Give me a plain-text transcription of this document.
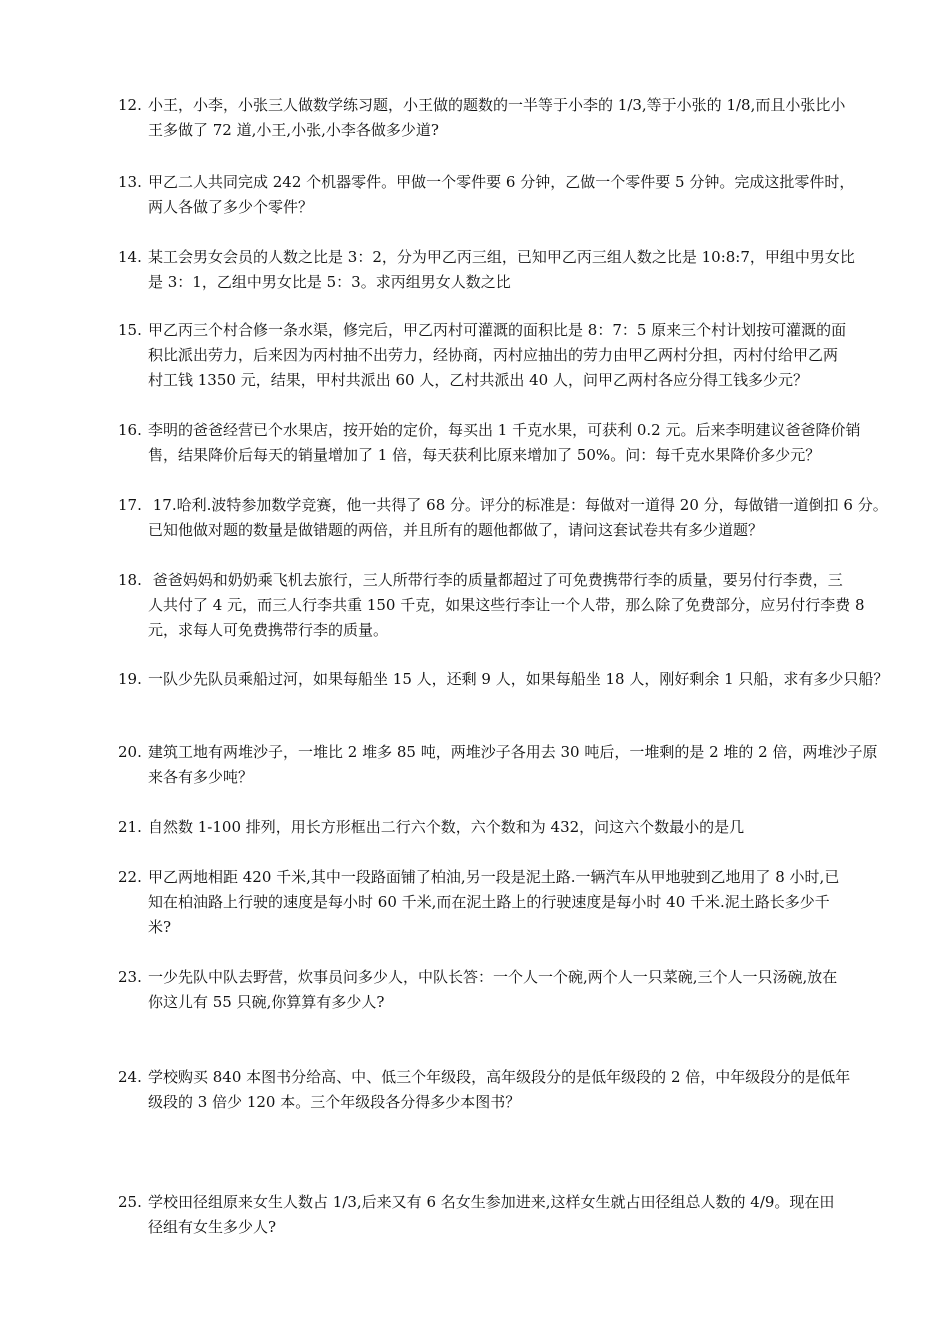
12. 小王，小李，小张三人做数学练习题，小王做的题数的一半等于小李的 1/3,等于小张的 1/8,而且小张比小
王多做了 72 道,小王,小张,小李各做多少道?
13. 甲乙二人共同完成 242 个机器零件。甲做一个零件要 6 分钟，乙做一个零件要 5 分钟。完成这批零件时，
两人各做了多少个零件？
14. 某工会男女会员的人数之比是 3：2，分为甲乙丙三组，已知甲乙丙三组人数之比是 10:8:7，甲组中男女比
是 3：1，乙组中男女比是 5：3。求丙组男女人数之比
15. 甲乙丙三个村合修一条水渠，修完后，甲乙丙村可灌溉的面积比是 8：7：5 原来三个村计划按可灌溉的面
积比派出劳力，后来因为丙村抽不出劳力，经协商，丙村应抽出的劳力由甲乙两村分担，丙村付给甲乙两
村工钱 1350 元，结果，甲村共派出 60 人，乙村共派出 40 人，问甲乙两村各应分得工钱多少元？
16. 李明的爸爸经营已个水果店，按开始的定价，每买出 1 千克水果，可获利 0.2 元。后来李明建议爸爸降价销
售，结果降价后每天的销量增加了 1 倍，每天获利比原来增加了 50%。问：每千克水果降价多少元？
17. 17.哈利.波特参加数学竞赛，他一共得了 68 分。评分的标准是：每做对一道得 20 分，每做错一道倒扣 6 分。
已知他做对题的数量是做错题的两倍，并且所有的题他都做了，请问这套试卷共有多少道题？
18. 爸爸妈妈和奶奶乘飞机去旅行，三人所带行李的质量都超过了可免费携带行李的质量，要另付行李费，三
人共付了 4 元，而三人行李共重 150 千克，如果这些行李让一个人带，那么除了免费部分，应另付行李费 8
元，求每人可免费携带行李的质量。
19. 一队少先队员乘船过河，如果每船坐 15 人，还剩 9 人，如果每船坐 18 人，刚好剩余 1 只船，求有多少只船？
20. 建筑工地有两堆沙子，一堆比 2 堆多 85 吨，两堆沙子各用去 30 吨后，一堆剩的是 2 堆的 2 倍，两堆沙子原
来各有多少吨？
21. 自然数 1-100 排列，用长方形框出二行六个数，六个数和为 432，问这六个数最小的是几
22. 甲乙两地相距 420 千米,其中一段路面铺了柏油,另一段是泥土路.一辆汽车从甲地驶到乙地用了 8 小时,已
知在柏油路上行驶的速度是每小时 60 千米,而在泥土路上的行驶速度是每小时 40 千米.泥土路长多少千
米?
23. 一少先队中队去野营，炊事员问多少人，中队长答：一个人一个碗,两个人一只菜碗,三个人一只汤碗,放在
你这儿有 55 只碗,你算算有多少人?
24. 学校购买 840 本图书分给高、中、低三个年级段，高年级段分的是低年级段的 2 倍，中年级段分的是低年
级段的 3 倍少 120 本。三个年级段各分得多少本图书？
25. 学校田径组原来女生人数占 1/3,后来又有 6 名女生参加进来,这样女生就占田径组总人数的 4/9。现在田
径组有女生多少人?
